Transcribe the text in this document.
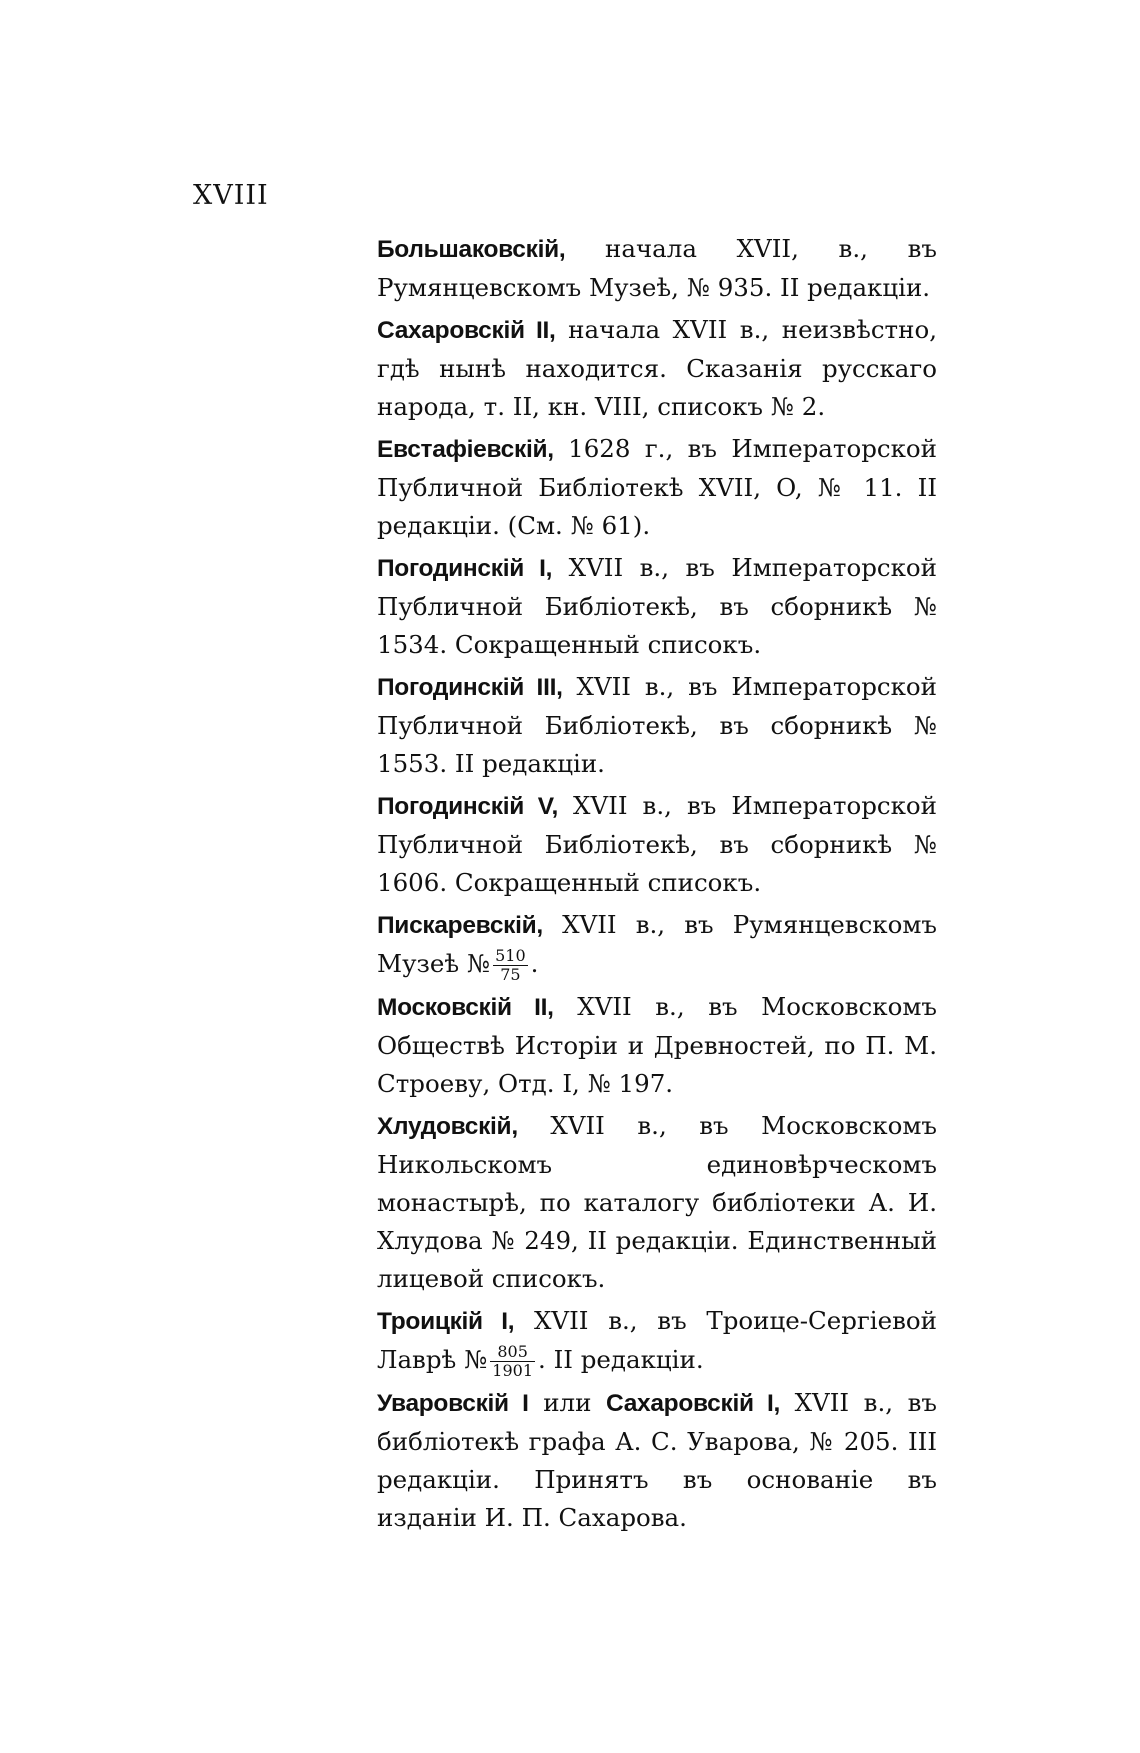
XVIII

Большаковскій, начала XVII, в., въ Румянцевскомъ Музеѣ, № 935. II редакціи.

Сахаровскій II, начала XVII в., неизвѣстно, гдѣ нынѣ находится. Сказанія русскаго народа, т. II, кн. VIII, списокъ № 2.

Евстафіевскій, 1628 г., въ Императорской Публичной Библіотекѣ XVII, O, № 11. II редакціи. (См. № 61).

Погодинскій I, XVII в., въ Императорской Публичной Библіотекѣ, въ сборникѣ № 1534. Сокращенный списокъ.

Погодинскій III, XVII в., въ Императорской Публичной Библіотекѣ, въ сборникѣ № 1553. II редакціи.

Погодинскій V, XVII в., въ Императорской Публичной Библіотекѣ, въ сборникѣ № 1606. Сокращенный списокъ.

Пискаревскій, XVII в., въ Румянцевскомъ Музеѣ № $\frac{510}{75}$ .

Московскій II, XVII в., въ Московскомъ Обществѣ Исторіи и Древностей, по П. М. Строеву, Отд. I, № 197.

Хлудовскій, XVII в., въ Московскомъ Никольскомъ единовѣрческомъ монастырѣ, по каталогу библіотеки А. И. Хлудова № 249, II редакціи. Единственный лицевой списокъ.

Троицкій I, XVII в., въ Троице-Сергіевой Лаврѣ № $\frac{805}{1901}$ . II редакціи.

Уваровскій I или Сахаровскій I, XVII в., въ библіотекѣ графа А. С. Уварова, № 205. III редакціи. Принятъ въ основаніе въ изданіи И. П. Сахарова.
